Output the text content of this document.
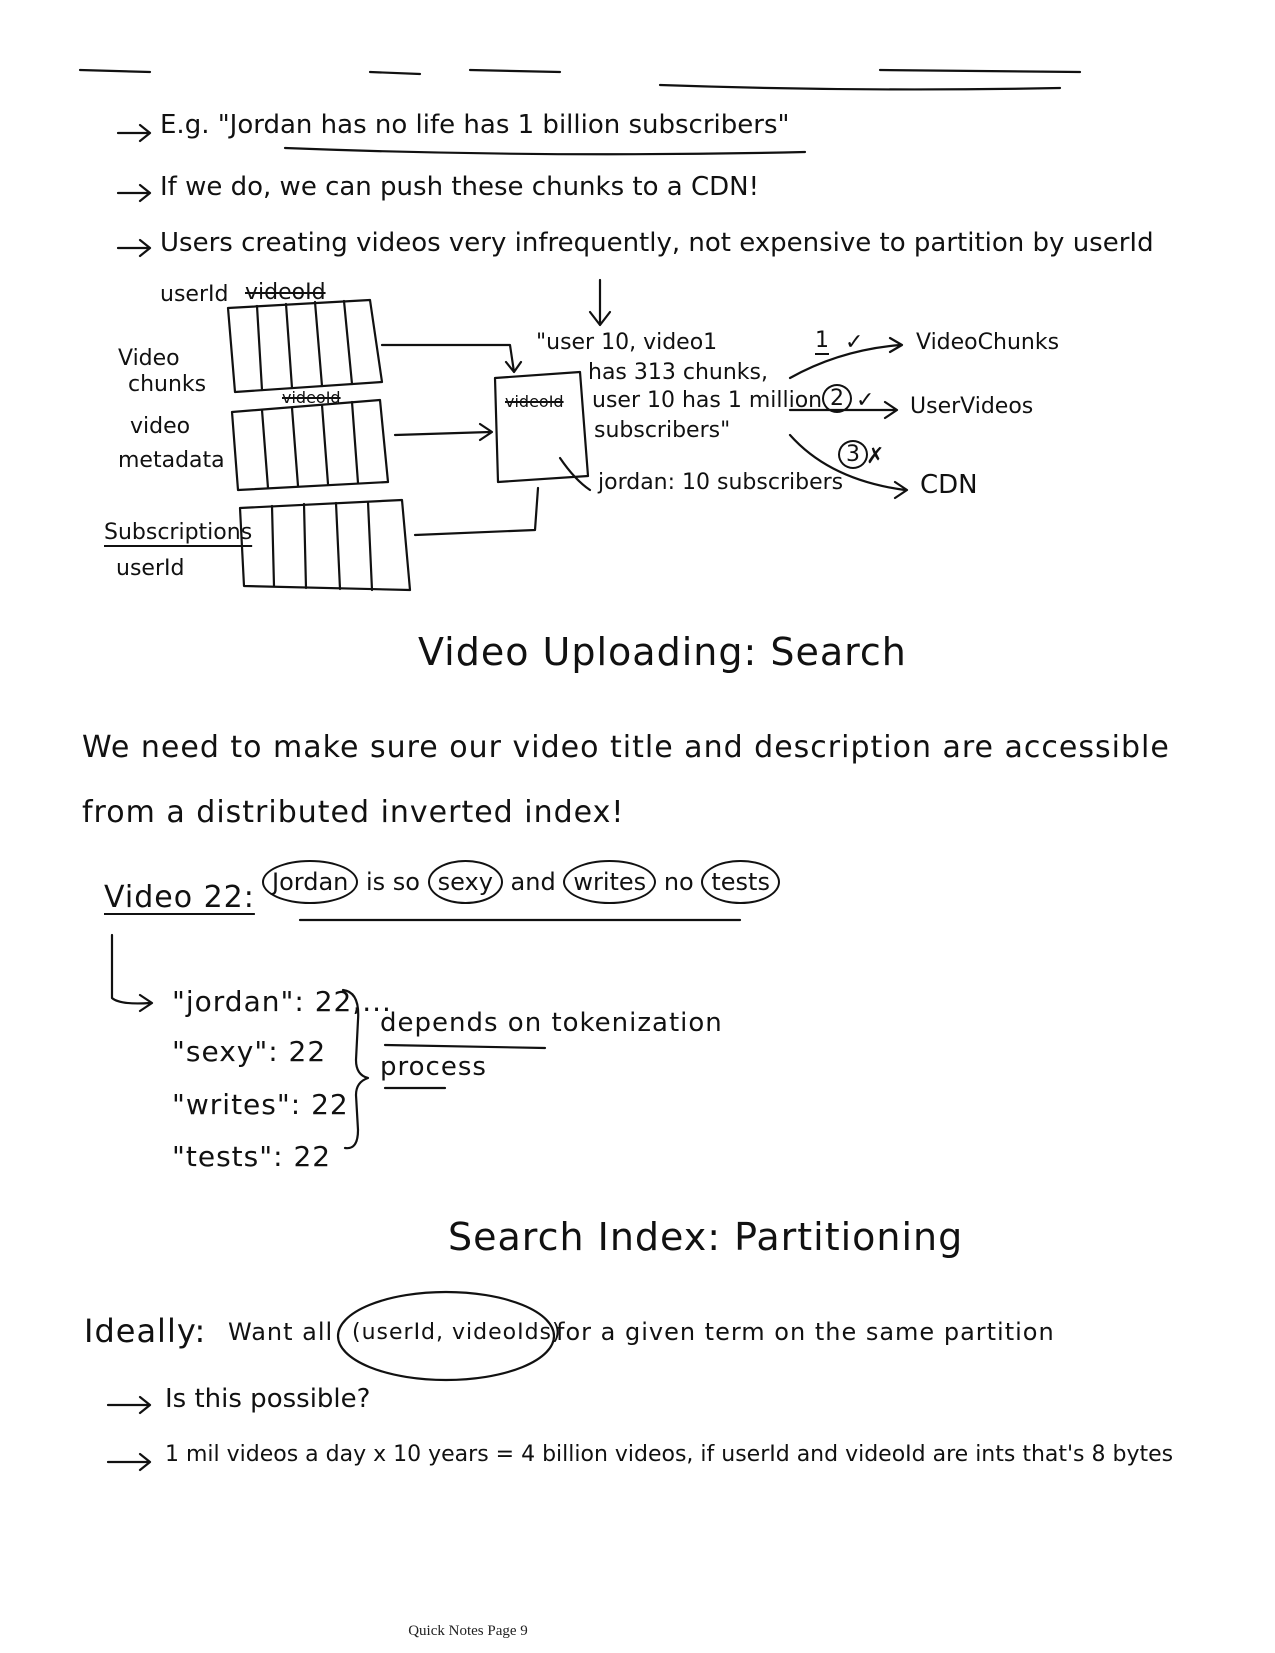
E.g. "Jordan has no life has 1 billion subscribers"
If we do, we can push these chunks to a CDN!
Users creating videos very infrequently, not expensive to partition by userId
userId videoId
Video
chunks
video
metadata
videoId
Subscriptions
userId
videoId
"user 10, video1
has 313 chunks,
user 10 has 1 million
subscribers"
jordan: 10 subscribers
1 ✓ VideoChunks
2 ✓ UserVideos
3 ✗
CDN
Video Uploading: Search
We need to make sure our video title and description are accessible
from a distributed inverted index!
Video 22: Jordan is so sexy and writes no tests
"jordan": 22,...
"sexy": 22
"writes": 22
"tests": 22
depends on tokenization
process
Search Index: Partitioning
Ideally: Want all (userId, videoIds)
for a given term on the same partition
Is this possible?
1 mil videos a day x 10 years = 4 billion videos, if userId and videoId are ints that's 8 bytes
Quick Notes Page 9
